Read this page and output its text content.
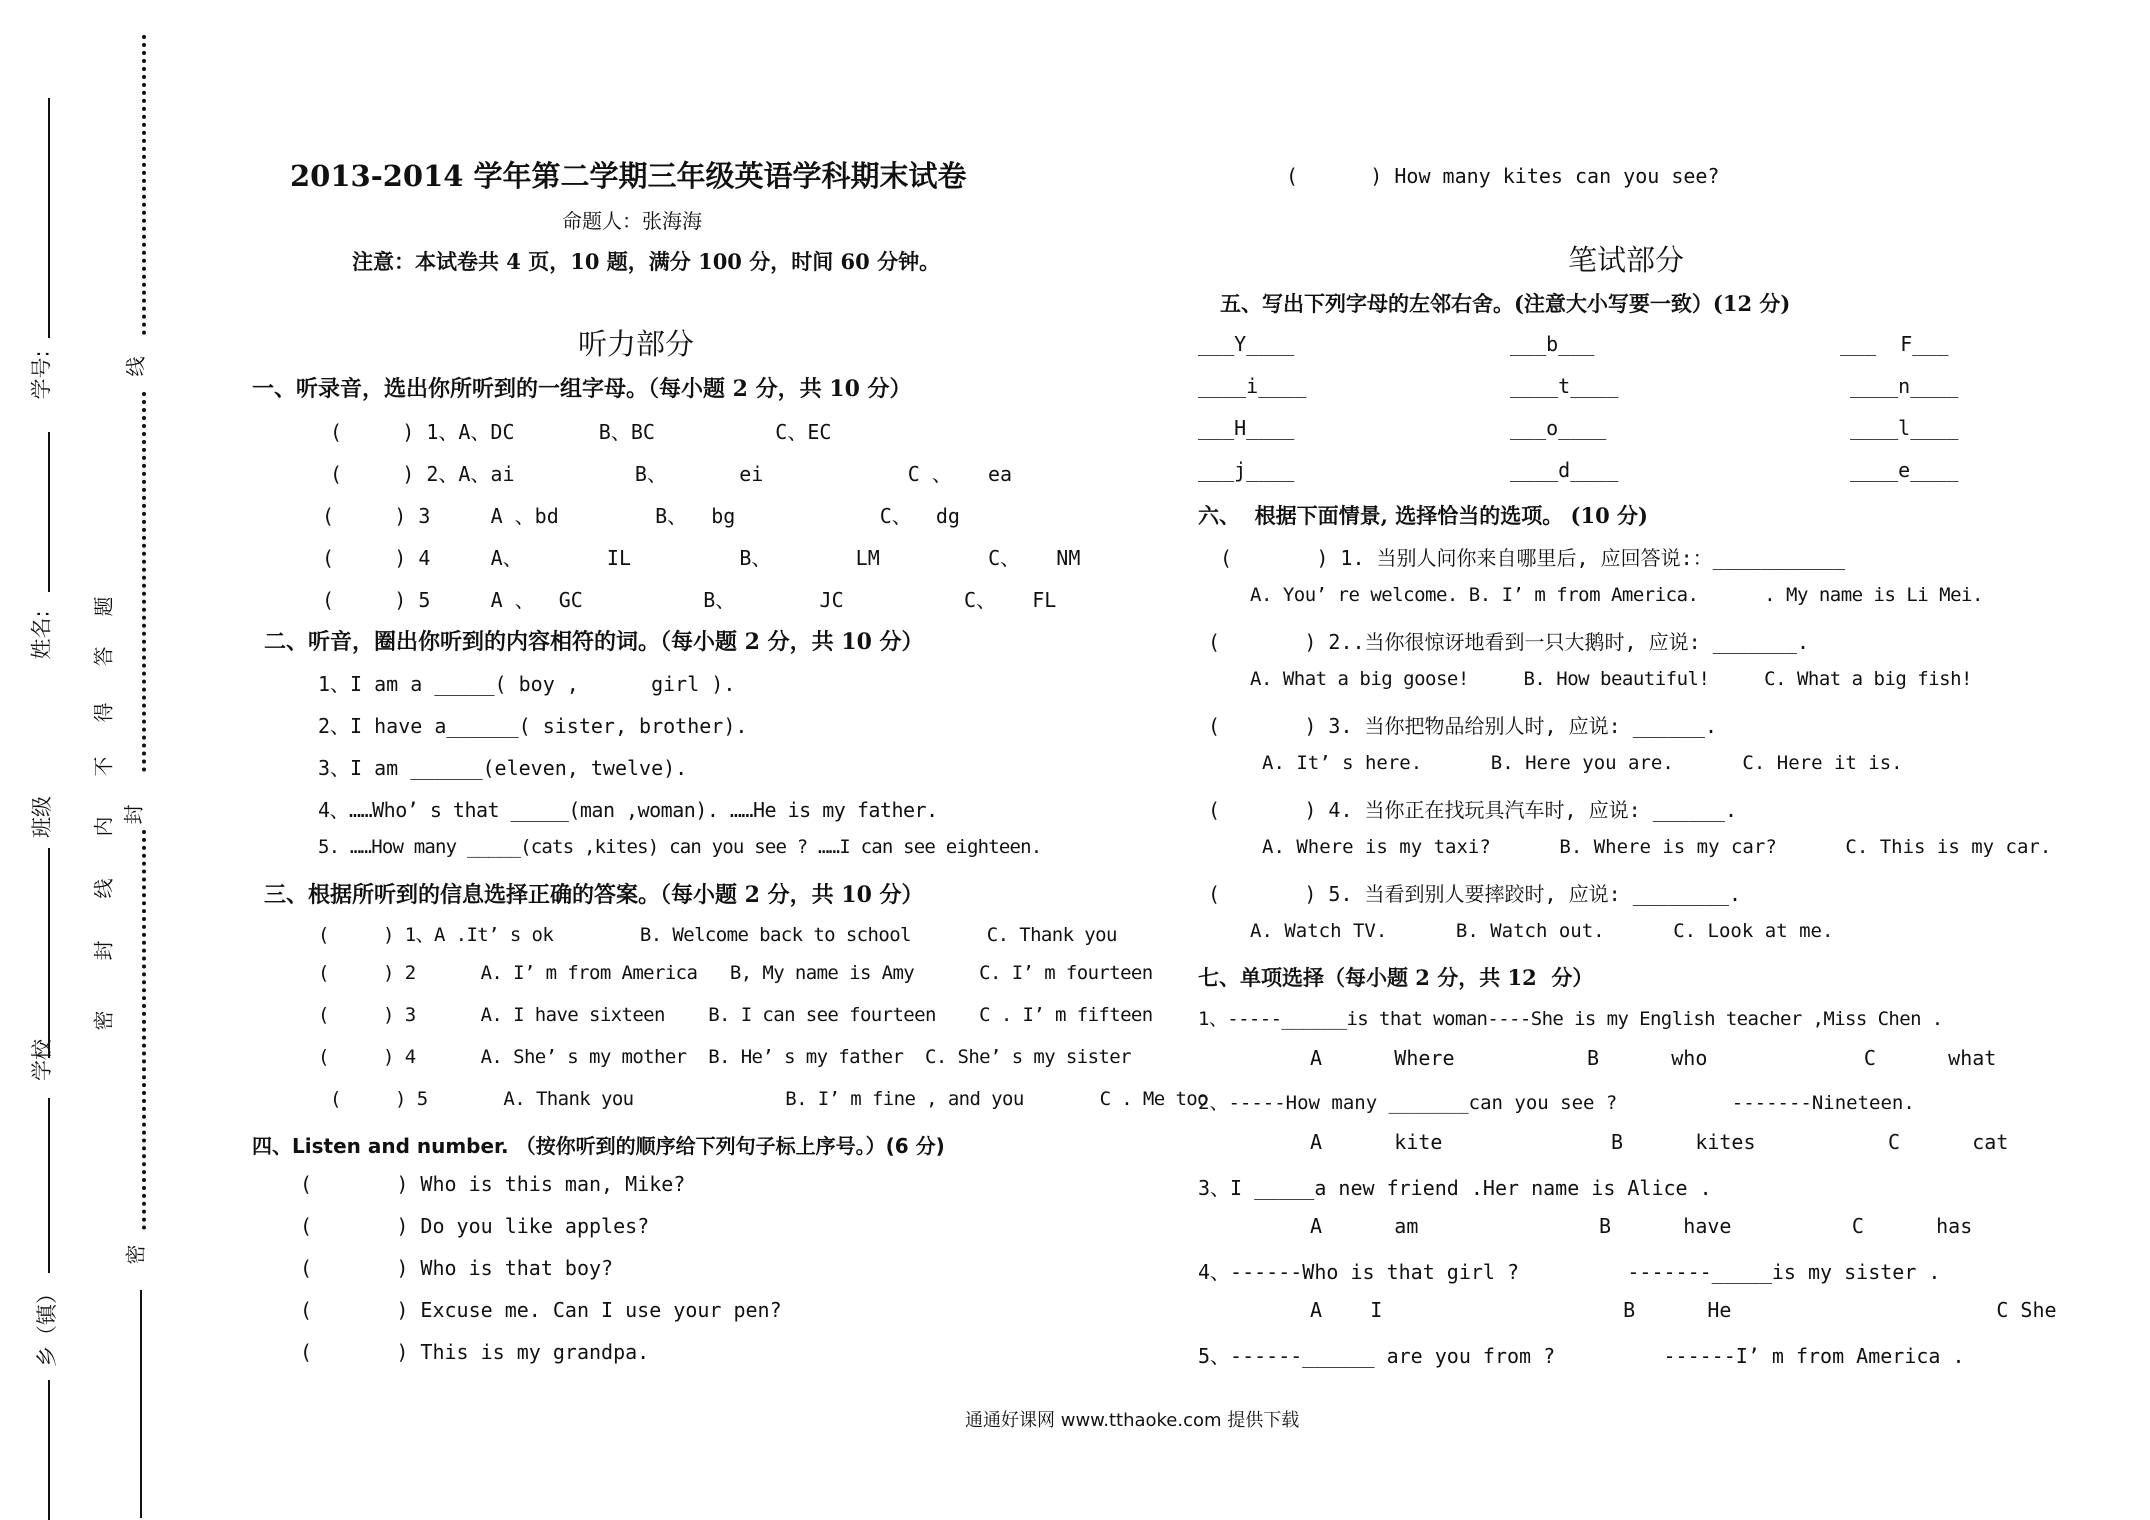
学号:
姓名:
班级
学校
乡（镇）
线
题
答
得
不
内
线
封
密
封
密
2013-2014 学年第二学期三年级英语学科期末试卷
命题人：张海海
注意：本试卷共 4 页，10 题，满分 100 分，时间 60 分钟。
听力部分
一、听录音，选出你所听到的一组字母。（每小题 2 分，共 10 分）
(     ) 1、A、DC       B、BC          C、EC
(     ) 2、A、ai          B、      ei            C 、   ea
(     ) 3     A 、bd        B、  bg            C、  dg
(     ) 4     A、       IL         B、       LM         C、   NM
(     ) 5     A 、  GC          B、       JC          C、   FL
二、听音，圈出你听到的内容相符的词。（每小题 2 分，共 10 分）
1、I am a _____( boy ,      girl ).
2、I have a______( sister, brother).
3、I am ______(eleven, twelve).
4、……Who’ s that _____(man ,woman). ……He is my father.
5. ……How many _____(cats ,kites) can you see ? ……I can see eighteen.
三、根据所听到的信息选择正确的答案。（每小题 2 分，共 10 分）
(     ) 1、A .It’ s ok        B. Welcome back to school       C. Thank you
(     ) 2      A. I’ m from America   B, My name is Amy      C. I’ m fourteen
(     ) 3      A. I have sixteen    B. I can see fourteen    C . I’ m fifteen
(     ) 4      A. She’ s my mother  B. He’ s my father  C. She’ s my sister
(     ) 5       A. Thank you              B. I’ m fine , and you       C . Me too
四、Listen and number. （按你听到的顺序给下列句子标上序号。）(6 分)
(       ) Who is this man, Mike?
(       ) Do you like apples?
(       ) Who is that boy?
(       ) Excuse me. Can I use your pen?
(       ) This is my grandpa.
(      ) How many kites can you see?
笔试部分
五、写出下列字母的左邻右舍。(注意大小写要一致）(12 分)
___Y____	___b___	___  F___
____i____	____t____	____n____
___H____	___o____	____l____
___j____	____d____	____e____
六、  根据下面情景, 选择恰当的选项。 (10 分)
(       ) 1. 当别人问你来自哪里后, 应回答说:：___________
A. You’ re welcome. B. I’ m from America.      . My name is Li Mei.
(       ) 2..当你很惊讶地看到一只大鹅时, 应说: _______.
A. What a big goose!     B. How beautiful!     C. What a big fish!
(       ) 3. 当你把物品给别人时, 应说: ______.
A. It’ s here.      B. Here you are.      C. Here it is.
(       ) 4. 当你正在找玩具汽车时, 应说: ______.
A. Where is my taxi?      B. Where is my car?      C. This is my car.
(       ) 5. 当看到别人要摔跤时, 应说: ________.
A. Watch TV.      B. Watch out.      C. Look at me.
七、单项选择（每小题 2 分，共 12  分）
1、-----______is that woman----She is my English teacher ,Miss Chen .
A      Where           B      who             C      what
2、-----How many _______can you see ?          -------Nineteen.
A      kite              B      kites           C      cat
3、I _____a new friend .Her name is Alice .
A      am               B      have          C      has
4、------Who is that girl ?         -------_____is my sister .
A    I                    B      He                      C She
5、------______ are you from ?         ------I’ m from America .
通通好课网 www.tthaoke.com 提供下载
